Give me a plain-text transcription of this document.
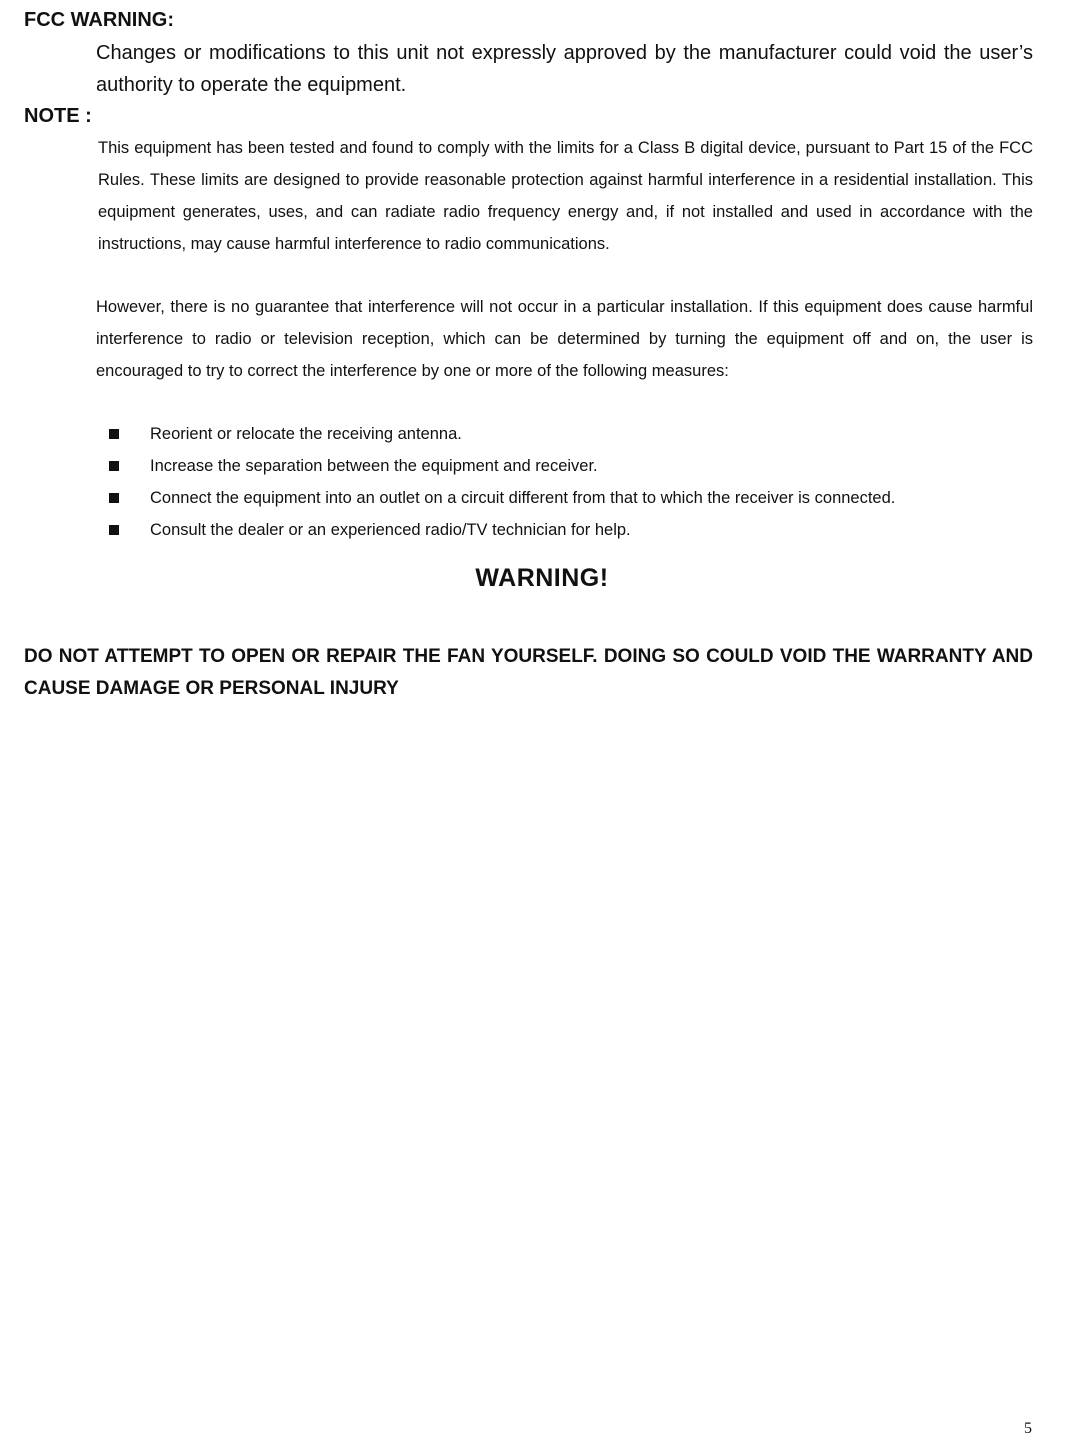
FCC WARNING:

Changes or modifications to this unit not expressly approved by the manufacturer could void the user’s authority to operate the equipment.

NOTE :

This equipment has been tested and found to comply with the limits for a Class B digital device, pursuant to Part 15 of the FCC Rules. These limits are designed to provide reasonable protection against harmful interference in a residential installation. This equipment generates, uses, and can radiate radio frequency energy and, if not installed and used in accordance with the instructions, may cause harmful interference to radio communications.

However, there is no guarantee that interference will not occur in a particular installation. If this equipment does cause harmful interference to radio or television reception, which can be determined by turning the equipment off and on, the user is encouraged to try to correct the interference by one or more of the following measures:

Reorient or relocate the receiving antenna.
Increase the separation between the equipment and receiver.
Connect the equipment into an outlet on a circuit different from that to which the receiver is connected.
Consult the dealer or an experienced radio/TV technician for help.
WARNING!

DO NOT ATTEMPT TO OPEN OR REPAIR THE FAN YOURSELF. DOING SO COULD VOID THE WARRANTY AND CAUSE DAMAGE OR PERSONAL INJURY

5
